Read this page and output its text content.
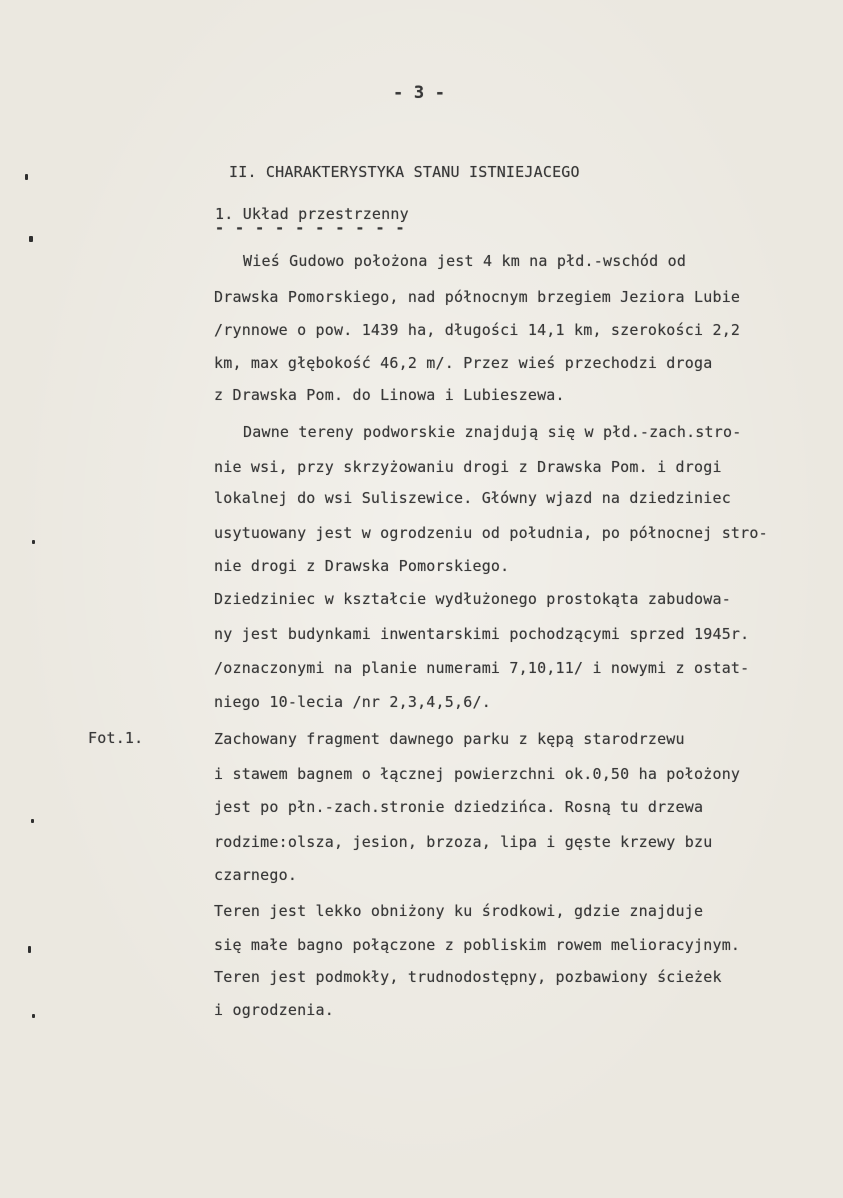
- 3 -
II. CHARAKTERYSTYKA STANU ISTNIEJACEGO
1. Układ przestrzenny
- - - - - - - - - -
Fot.1.
Wieś Gudowo położona jest 4 km na płd.-wschód od
Drawska Pomorskiego, nad północnym brzegiem Jeziora Lubie
/rynnowe o pow. 1439 ha, długości 14,1 km, szerokości 2,2
km, max głębokość 46,2 m/. Przez wieś przechodzi droga
z Drawska Pom. do Linowa i Lubieszewa.
Dawne tereny podworskie znajdują się w płd.-zach.stro-
nie wsi, przy skrzyżowaniu drogi z Drawska Pom. i drogi
lokalnej do wsi Suliszewice. Główny wjazd na dziedziniec
usytuowany jest w ogrodzeniu od południa, po północnej stro-
nie drogi z Drawska Pomorskiego.
Dziedziniec w kształcie wydłużonego prostokąta zabudowa-
ny jest budynkami inwentarskimi pochodzącymi sprzed 1945r.
/oznaczonymi na planie numerami 7,10,11/ i nowymi z ostat-
niego 10-lecia /nr 2,3,4,5,6/.
Zachowany fragment dawnego parku z kępą starodrzewu
i stawem bagnem o łącznej powierzchni ok.0,50 ha położony
jest po płn.-zach.stronie dziedzińca. Rosną tu drzewa
rodzime:olsza, jesion, brzoza, lipa i gęste krzewy bzu
czarnego.
Teren jest lekko obniżony ku środkowi, gdzie znajduje
się małe bagno połączone z pobliskim rowem melioracyjnym.
Teren jest podmokły, trudnodostępny, pozbawiony ścieżek
i ogrodzenia.
